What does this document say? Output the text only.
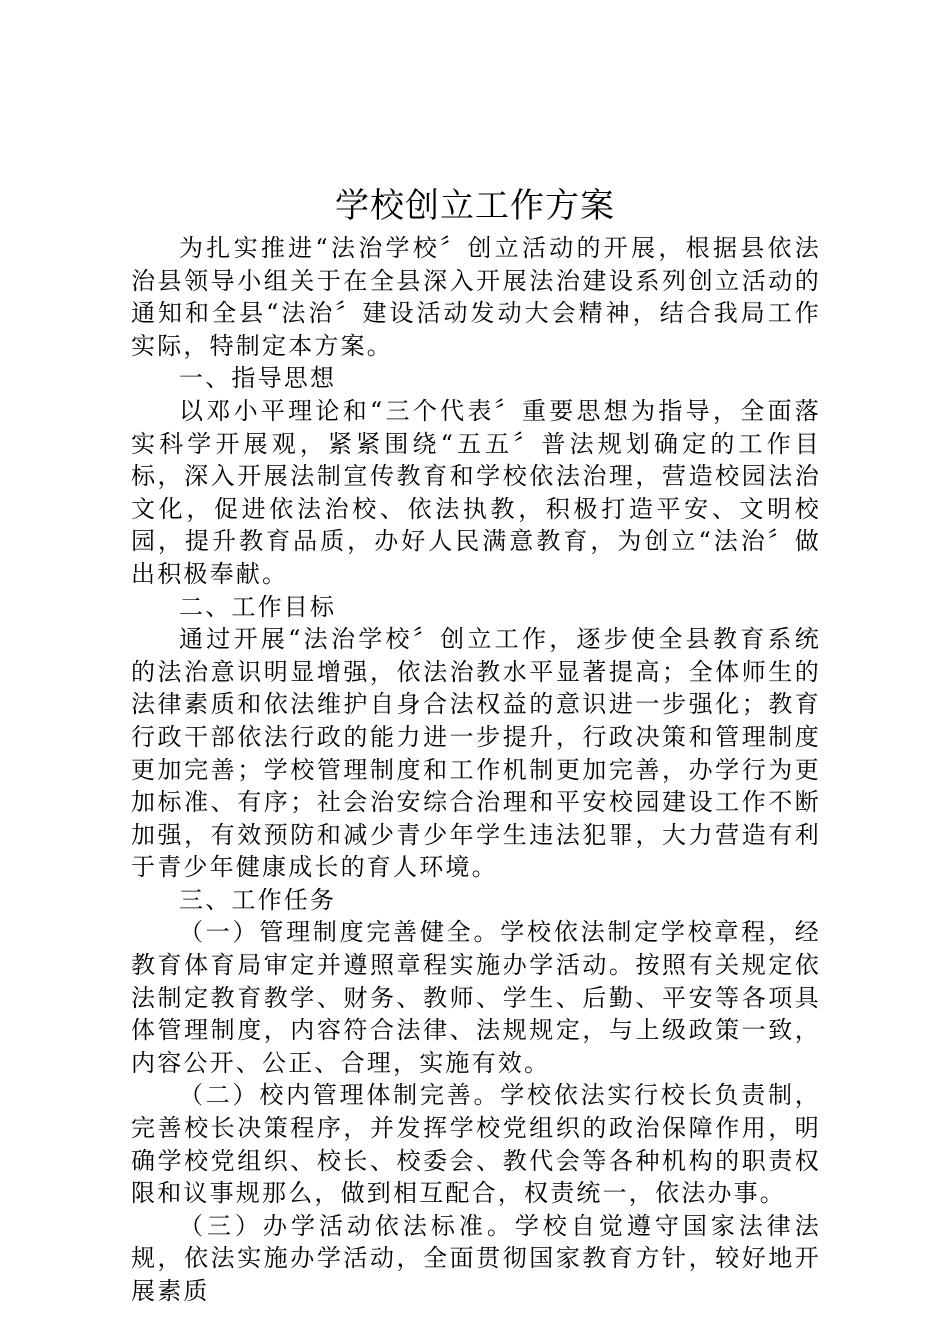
学校创立工作方案

为扎实推进“法治学校〞创立活动的开展，根据县依法治县领导小组关于在全县深入开展法治建设系列创立活动的通知和全县“法治〞建设活动发动大会精神，结合我局工作实际，特制定本方案。

一、指导思想

以邓小平理论和“三个代表〞重要思想为指导，全面落实科学开展观，紧紧围绕“五五〞普法规划确定的工作目标，深入开展法制宣传教育和学校依法治理，营造校园法治文化，促进依法治校、依法执教，积极打造平安、文明校园，提升教育品质，办好人民满意教育，为创立“法治〞做出积极奉献。

二、工作目标

通过开展“法治学校〞创立工作，逐步使全县教育系统的法治意识明显增强，依法治教水平显著提高；全体师生的法律素质和依法维护自身合法权益的意识进一步强化；教育行政干部依法行政的能力进一步提升，行政决策和管理制度更加完善；学校管理制度和工作机制更加完善，办学行为更加标准、有序；社会治安综合治理和平安校园建设工作不断加强，有效预防和减少青少年学生违法犯罪，大力营造有利于青少年健康成长的育人环境。

三、工作任务

（一）管理制度完善健全。学校依法制定学校章程，经教育体育局审定并遵照章程实施办学活动。按照有关规定依法制定教育教学、财务、教师、学生、后勤、平安等各项具体管理制度，内容符合法律、法规规定，与上级政策一致，内容公开、公正、合理，实施有效。

（二）校内管理体制完善。学校依法实行校长负责制，完善校长决策程序，并发挥学校党组织的政治保障作用，明确学校党组织、校长、校委会、教代会等各种机构的职责权限和议事规那么，做到相互配合，权责统一，依法办事。

（三）办学活动依法标准。学校自觉遵守国家法律法规，依法实施办学活动，全面贯彻国家教育方针，较好地开展素质
